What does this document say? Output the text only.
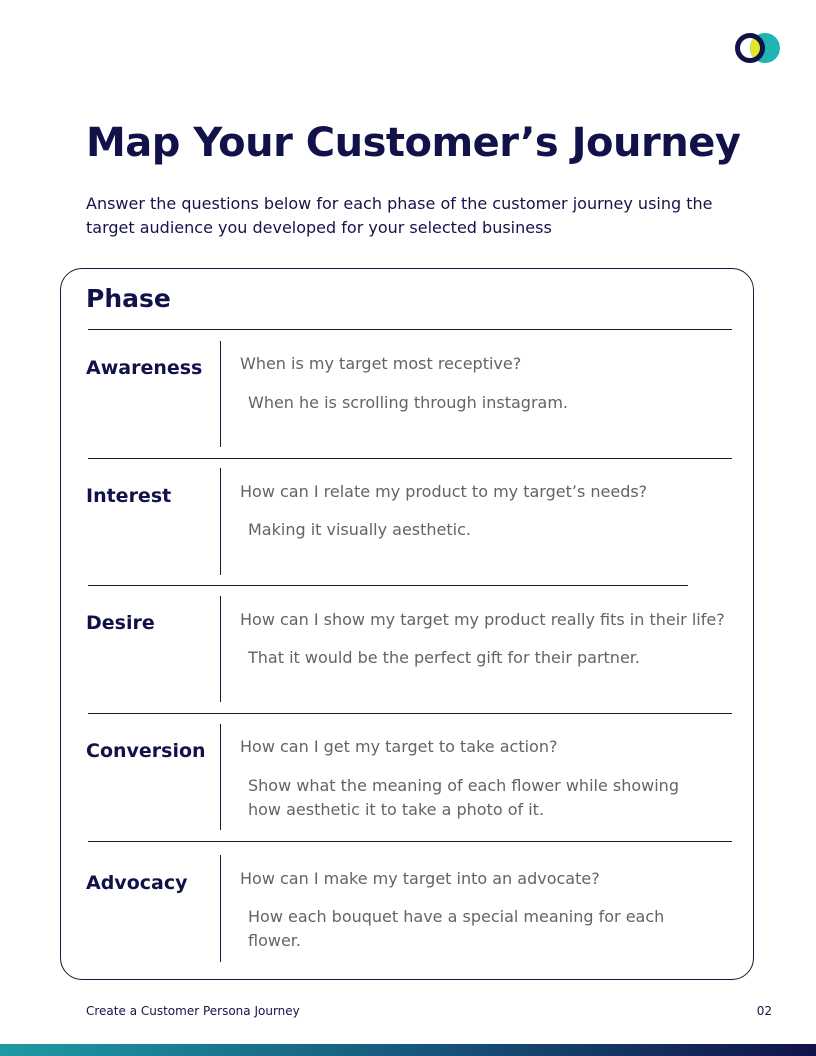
Map Your Customer’s Journey

Answer the questions below for each phase of the customer journey using the target audience you developed for your selected business

Phase
Awareness When is my target most receptive?
When he is scrolling through instagram.
Interest	How can I relate my product to my target’s needs?
Making it visually aesthetic.
Desire	How can I show my target my product really fits in their life?
That it would be the perfect gift for their partner.
Conversion How can I get my target to take action?
Show what the meaning of each flower while showing how aesthetic it to take a photo of it.
Advocacy	How can I make my target into an advocate?
How each bouquet have a special meaning for each flower.
Create a Customer Persona Journey	02
